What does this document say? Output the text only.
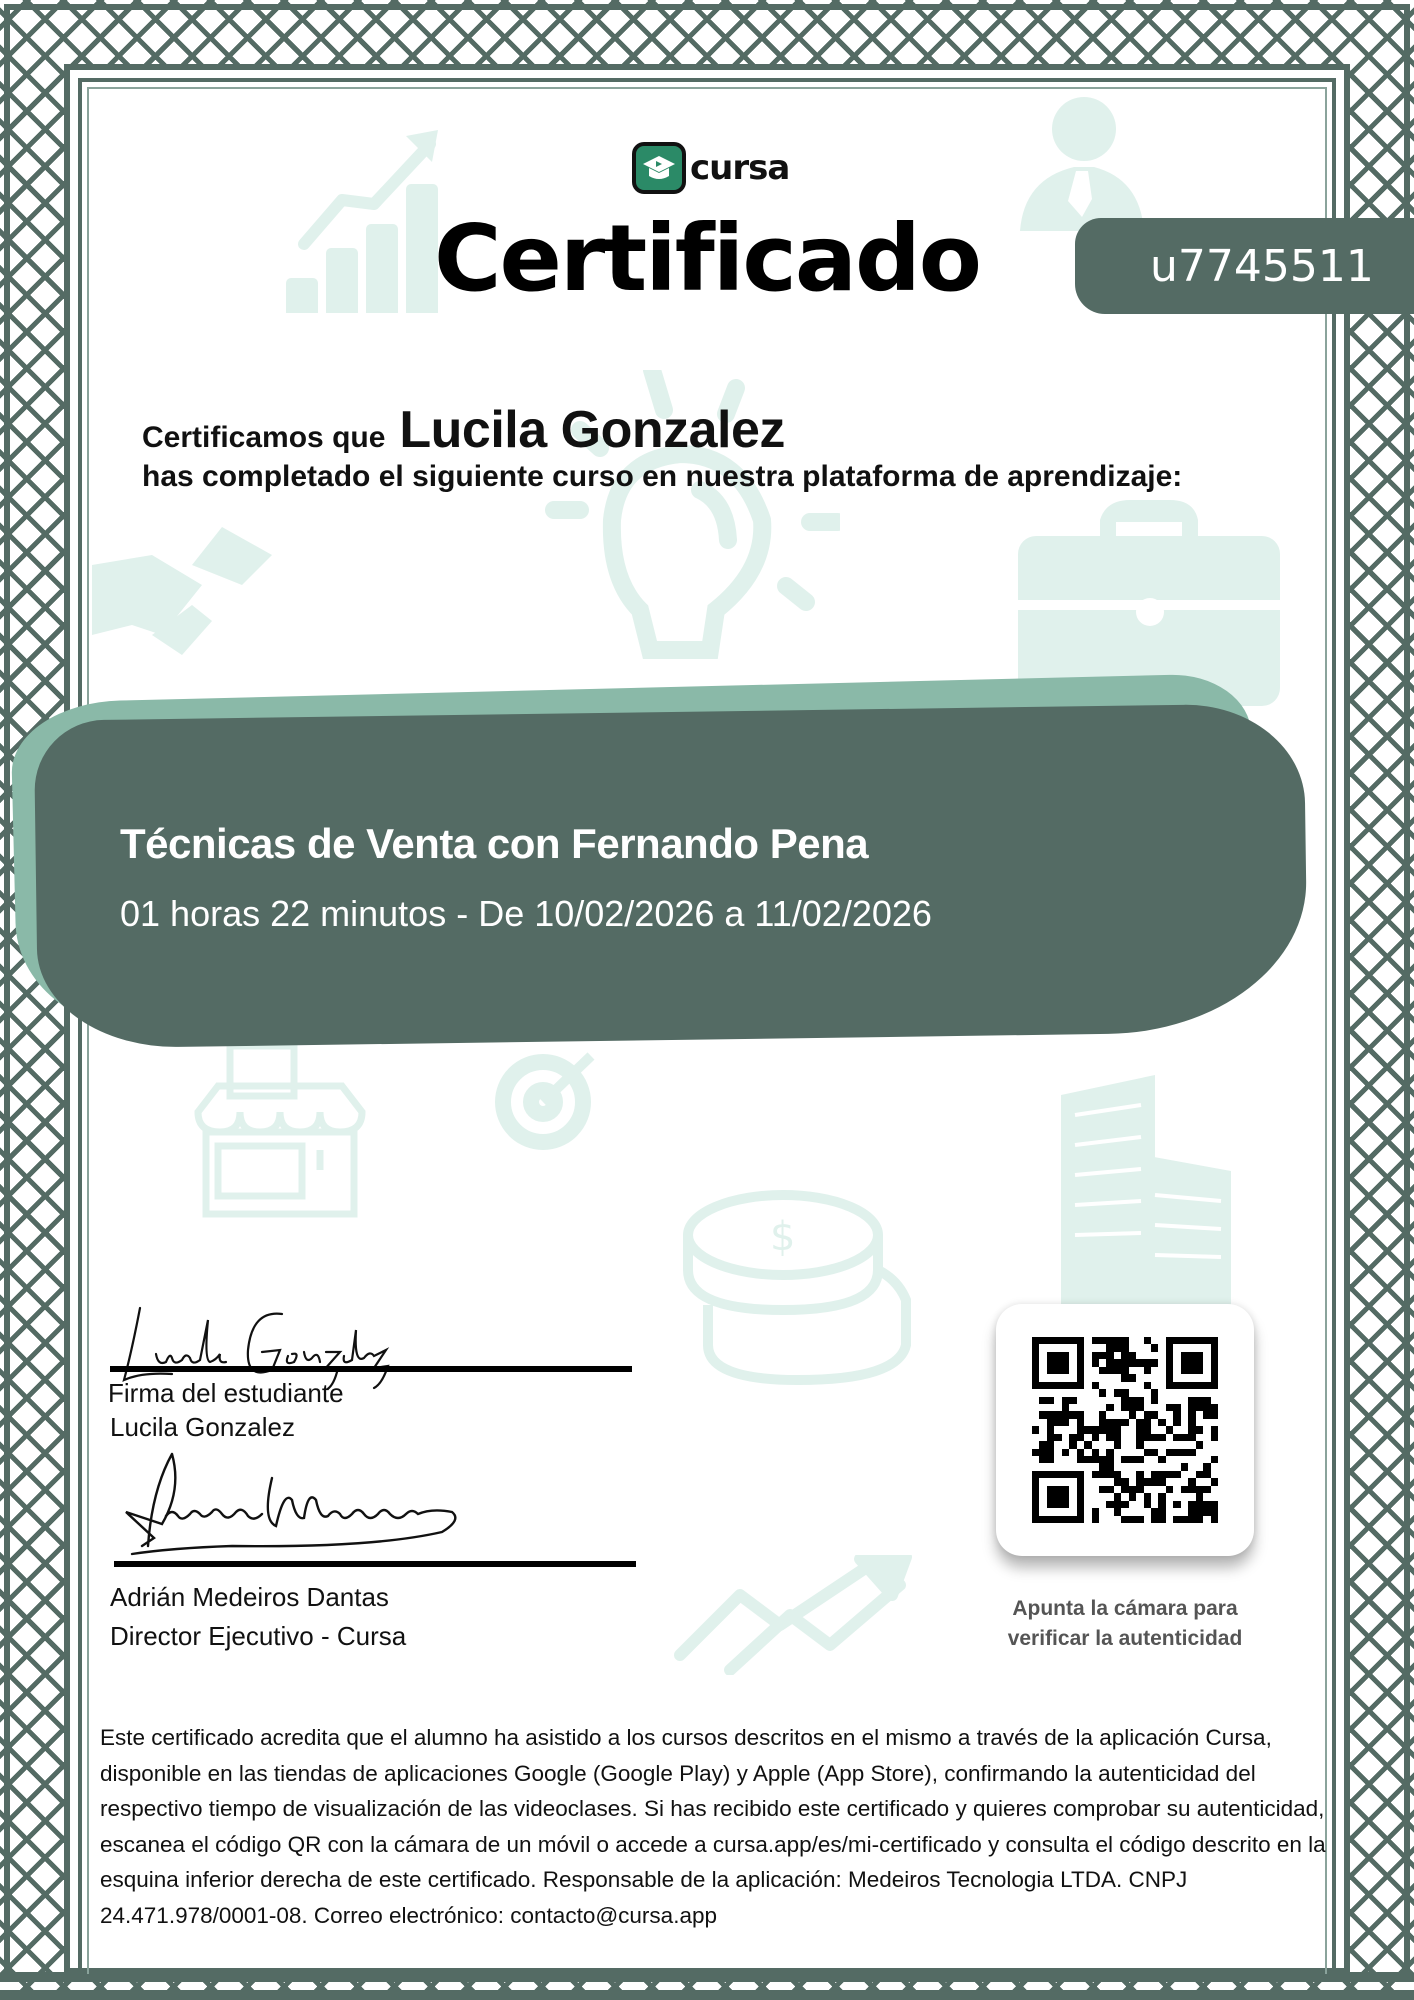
$
cursa
Certificado	u7745511
Certificamos que Lucila Gonzalez
has completado el siguiente curso en nuestra plataforma de aprendizaje:
Técnicas de Venta con Fernando Pena
01 horas 22 minutos - De 10/02/2026 a 11/02/2026
Firma del estudiante
Lucila Gonzalez
Adrián Medeiros Dantas
Director Ejecutivo - Cursa
Apunta la cámara para
verificar la autenticidad
Este certificado acredita que el alumno ha asistido a los cursos descritos en el mismo a través de la aplicación Cursa, disponible en las tiendas de aplicaciones Google (Google Play) y Apple (App Store), confirmando la autenticidad del respectivo tiempo de visualización de las videoclases. Si has recibido este certificado y quieres comprobar su autenticidad, escanea el código QR con la cámara de un móvil o accede a cursa.app/es/mi-certificado y consulta el código descrito en la esquina inferior derecha de este certificado. Responsable de la aplicación: Medeiros Tecnologia LTDA. CNPJ 24.471.978/0001-08. Correo electrónico: contacto@cursa.app
